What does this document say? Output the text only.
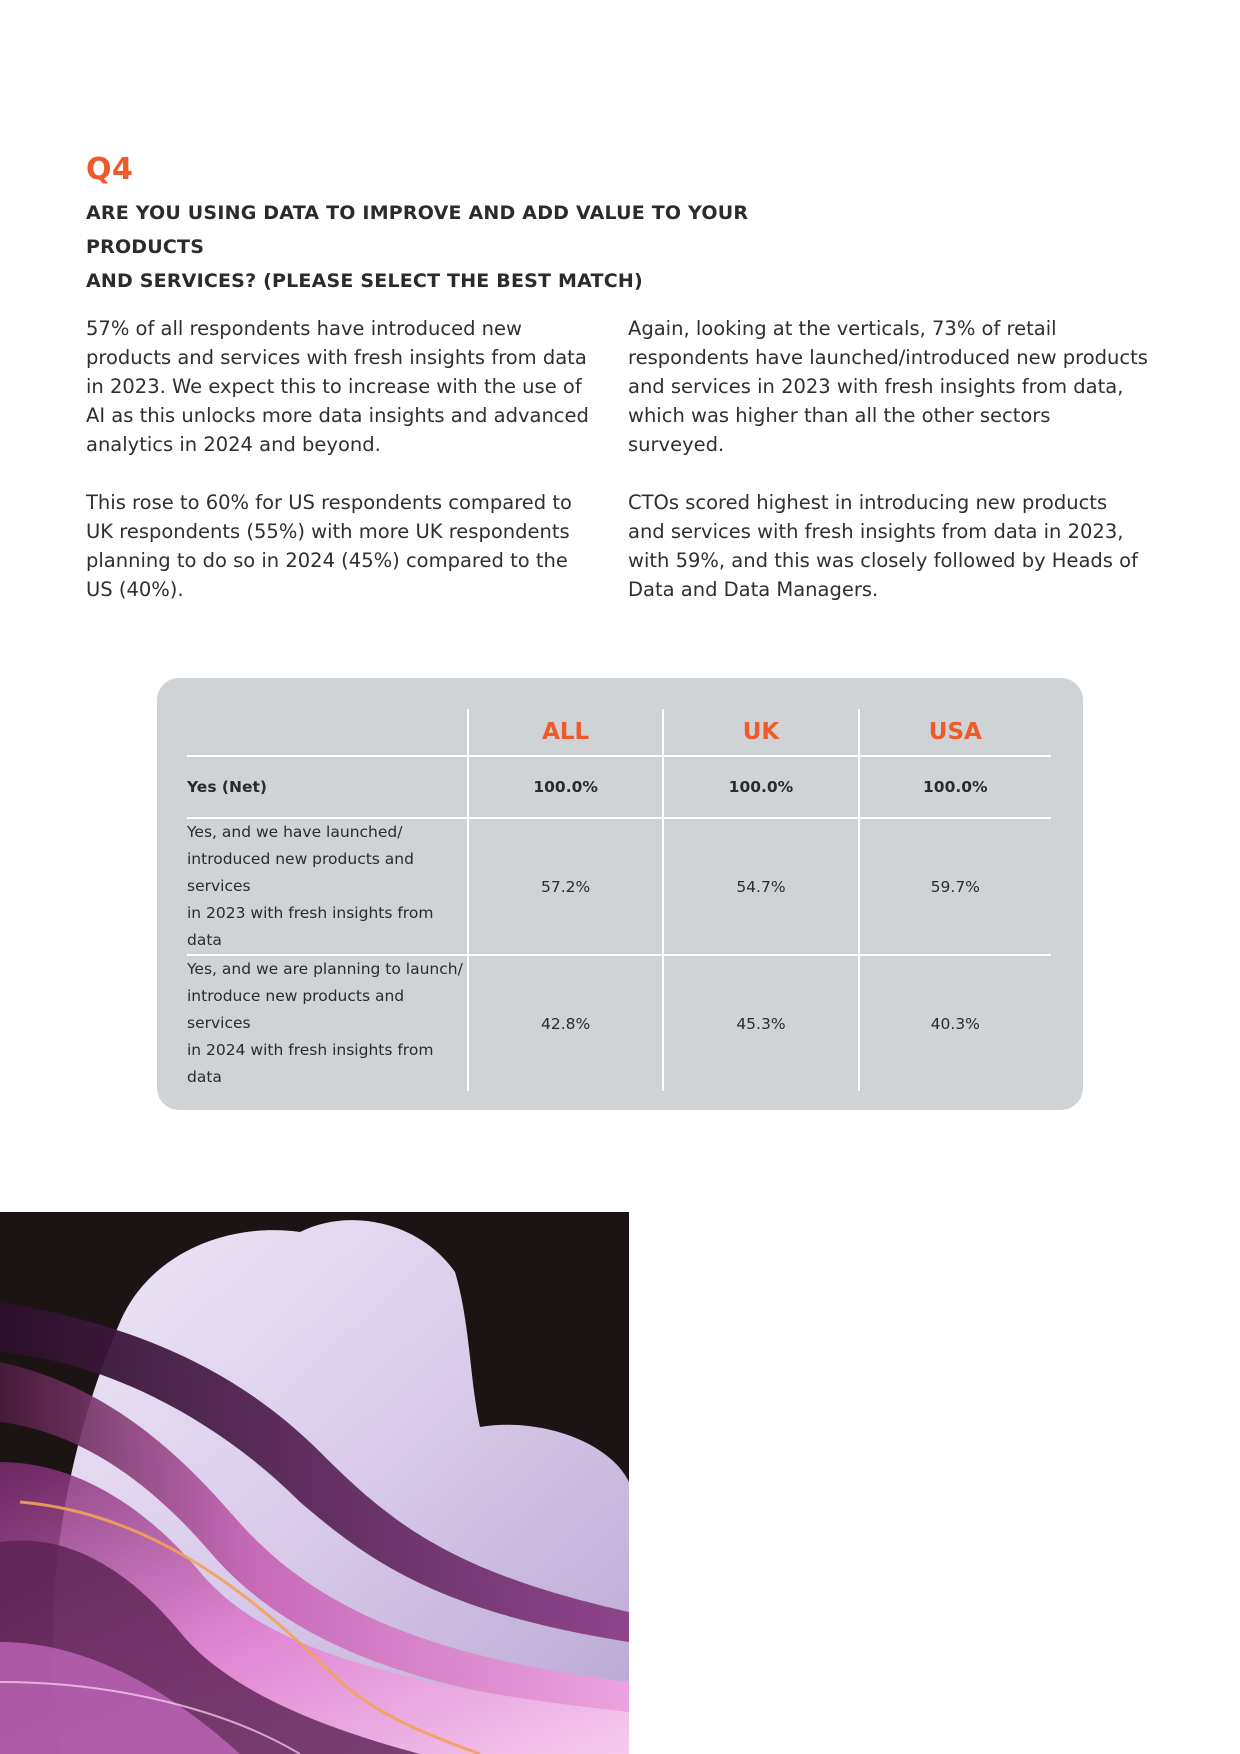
Q4
ARE YOU USING DATA TO IMPROVE AND ADD VALUE TO YOUR PRODUCTS
AND SERVICES? (PLEASE SELECT THE BEST MATCH)

57% of all respondents have introduced new products and services with fresh insights from data in 2023. We expect this to increase with the use of AI as this unlocks more data insights and advanced analytics in 2024 and beyond.

This rose to 60% for US respondents compared to UK respondents (55%) with more UK respondents planning to do so in 2024 (45%) compared to the US (40%).

Again, looking at the verticals, 73% of retail respondents have launched/introduced new products and services in 2023 with fresh insights from data, which was higher than all the other sectors surveyed.

CTOs scored highest in introducing new products and services with fresh insights from data in 2023, with 59%, and this was closely followed by Heads of Data and Data Managers.

	ALL	UK	USA

Yes (Net)	100.0%	100.0%	100.0%

Yes, and we have launched/
introduced new products and services
in 2023 with fresh insights from data	57.2%	54.7%	59.7%

Yes, and we are planning to launch/
introduce new products and services
in 2024 with fresh insights from data	42.8%	45.3%	40.3%
